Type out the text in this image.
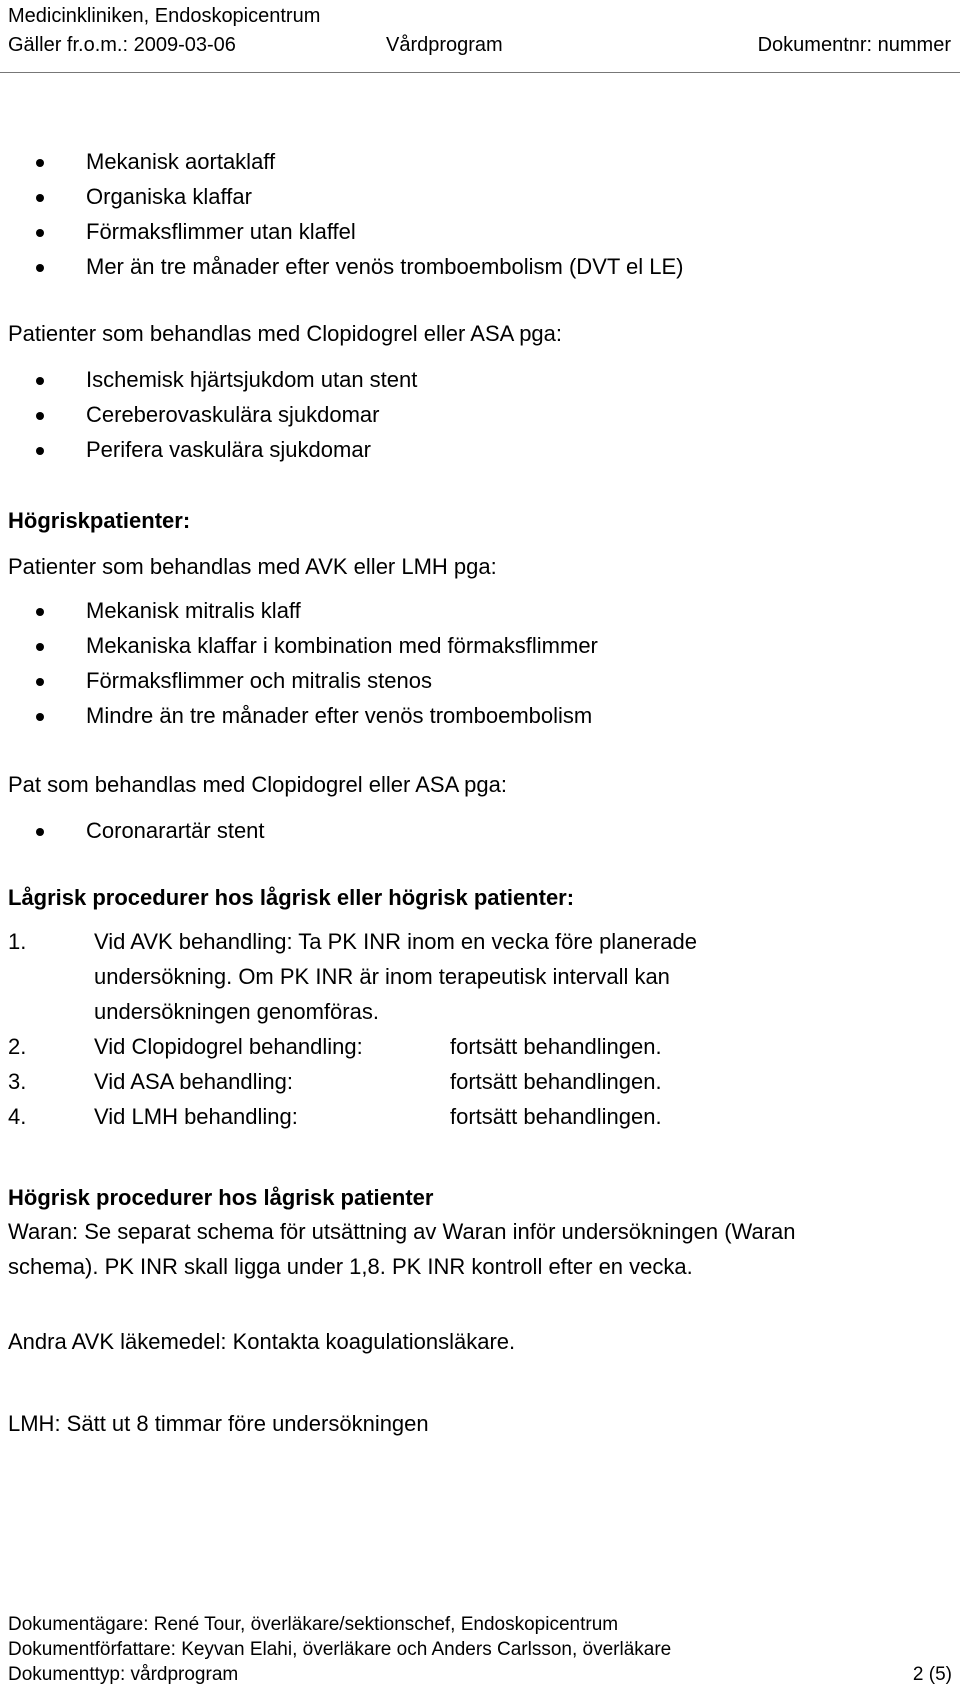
Medicinkliniken, Endoskopicentrum
Gäller fr.o.m.: 2009-03-06	Vårdprogram	Dokumentnr: nummer
Mekanisk aortaklaff
Organiska klaffar
Förmaksflimmer utan klaffel
Mer än tre månader efter venös tromboembolism (DVT el LE)
Patienter som behandlas med Clopidogrel eller ASA pga:
Ischemisk hjärtsjukdom utan stent
Cereberovaskulära sjukdomar
Perifera vaskulära sjukdomar
Högriskpatienter:
Patienter som behandlas med AVK eller LMH pga:
Mekanisk mitralis klaff
Mekaniska klaffar i kombination med förmaksflimmer
Förmaksflimmer och mitralis stenos
Mindre än tre månader efter venös tromboembolism
Pat som behandlas med Clopidogrel eller ASA pga:
Coronarartär stent
Lågrisk procedurer hos lågrisk eller högrisk patienter:
1.	Vid AVK behandling: Ta PK INR inom en vecka före planerade
undersökning. Om PK INR är inom terapeutisk intervall kan
undersökningen genomföras.
2.	Vid Clopidogrel behandling:	fortsätt behandlingen.
3.	Vid ASA behandling:	fortsätt behandlingen.
4.	Vid LMH behandling:	fortsätt behandlingen.
Högrisk procedurer hos lågrisk patienter
Waran: Se separat schema för utsättning av Waran inför undersökningen (Waran
schema). PK INR skall ligga under 1,8. PK INR kontroll efter en vecka.
Andra AVK läkemedel: Kontakta koagulationsläkare.
LMH: Sätt ut 8 timmar före undersökningen
Dokumentägare: René Tour, överläkare/sektionschef, Endoskopicentrum
Dokumentförfattare: Keyvan Elahi, överläkare och Anders Carlsson, överläkare
Dokumenttyp: vårdprogram	2 (5)
